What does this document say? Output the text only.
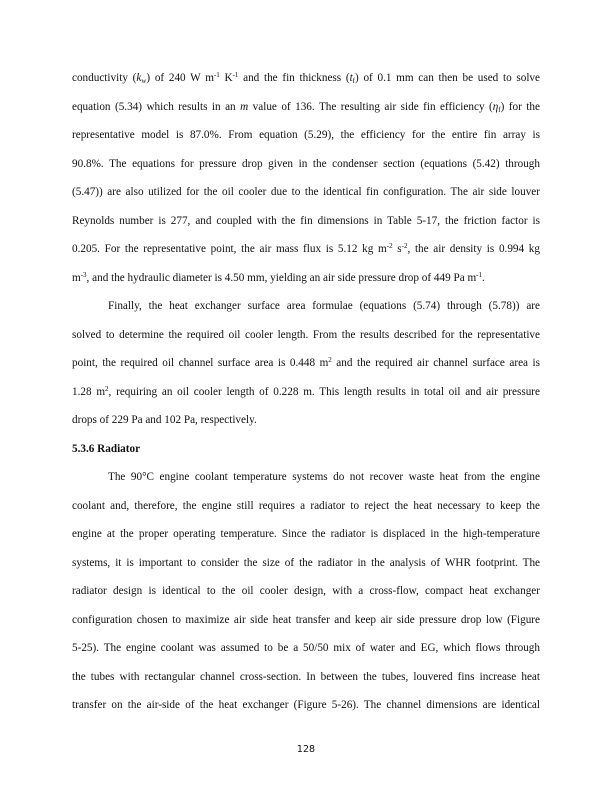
conductivity $(k_w)$ of 240 W $m^{-1}$ $K^{-1}$ and the fin thickness $(t_f)$ of 0.1 mm can then be used to solve
equation (5.34) which results in an m value of 136. The resulting air side fin efficiency $(\eta_f)$ for the
representative model is 87.0%. From equation (5.29), the efficiency for the entire fin array is
90.8%. The equations for pressure drop given in the condenser section (equations (5.42) through
(5.47)) are also utilized for the oil cooler due to the identical fin configuration. The air side louver
Reynolds number is 277, and coupled with the fin dimensions in Table 5-17, the friction factor is
0.205. For the representative point, the air mass flux is 5.12 kg $m^{-2}$ $s^{-2}$, the air density is 0.994 kg
$m^{-3}$, and the hydraulic diameter is 4.50 mm, yielding an air side pressure drop of 449 Pa $m^{-1}$.
Finally, the heat exchanger surface area formulae (equations (5.74) through (5.78)) are
solved to determine the required oil cooler length. From the results described for the representative
point, the required oil channel surface area is 0.448 $m^2$ and the required air channel surface area is
1.28 $m^2$, requiring an oil cooler length of 0.228 m. This length results in total oil and air pressure
drops of 229 Pa and 102 Pa, respectively.
5.3.6 Radiator
The 90°C engine coolant temperature systems do not recover waste heat from the engine
coolant and, therefore, the engine still requires a radiator to reject the heat necessary to keep the
engine at the proper operating temperature. Since the radiator is displaced in the high-temperature
systems, it is important to consider the size of the radiator in the analysis of WHR footprint. The
radiator design is identical to the oil cooler design, with a cross-flow, compact heat exchanger
configuration chosen to maximize air side heat transfer and keep air side pressure drop low (Figure
5-25). The engine coolant was assumed to be a 50/50 mix of water and EG, which flows through
the tubes with rectangular channel cross-section. In between the tubes, louvered fins increase heat
transfer on the air-side of the heat exchanger (Figure 5-26). The channel dimensions are identical
128
